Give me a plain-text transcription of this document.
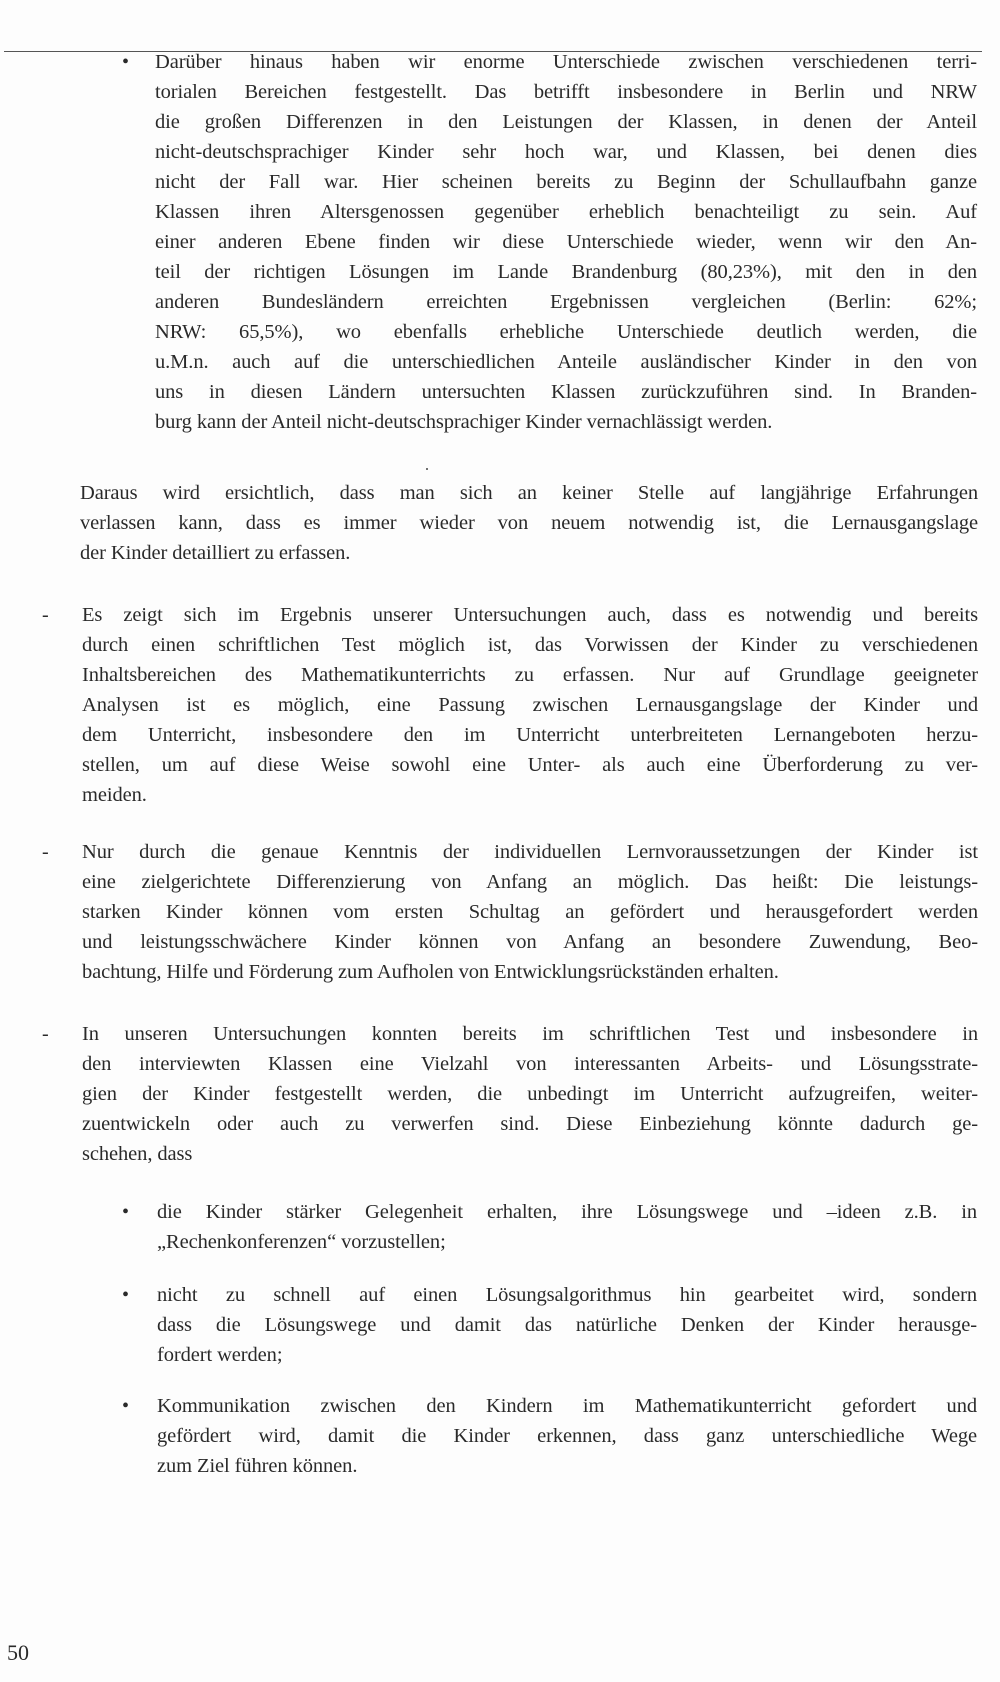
• Darüber hinaus haben wir enorme Unterschiede zwischen verschiedenen terri-
torialen Bereichen festgestellt. Das betrifft insbesondere in Berlin und NRW
die großen Differenzen in den Leistungen der Klassen, in denen der Anteil
nicht-deutschsprachiger Kinder sehr hoch war, und Klassen, bei denen dies
nicht der Fall war. Hier scheinen bereits zu Beginn der Schullaufbahn ganze
Klassen ihren Altersgenossen gegenüber erheblich benachteiligt zu sein. Auf
einer anderen Ebene finden wir diese Unterschiede wieder, wenn wir den An-
teil der richtigen Lösungen im Lande Brandenburg (80,23%), mit den in den
anderen Bundesländern erreichten Ergebnissen vergleichen (Berlin: 62%;
NRW: 65,5%), wo ebenfalls erhebliche Unterschiede deutlich werden, die
u.M.n. auch auf die unterschiedlichen Anteile ausländischer Kinder in den von
uns in diesen Ländern untersuchten Klassen zurückzuführen sind. In Branden-
burg kann der Anteil nicht-deutschsprachiger Kinder vernachlässigt werden.
Daraus wird ersichtlich, dass man sich an keiner Stelle auf langjährige Erfahrungen
verlassen kann, dass es immer wieder von neuem notwendig ist, die Lernausgangslage
der Kinder detailliert zu erfassen.
- Es zeigt sich im Ergebnis unserer Untersuchungen auch, dass es notwendig und bereits
durch einen schriftlichen Test möglich ist, das Vorwissen der Kinder zu verschiedenen
Inhaltsbereichen des Mathematikunterrichts zu erfassen. Nur auf Grundlage geeigneter
Analysen ist es möglich, eine Passung zwischen Lernausgangslage der Kinder und
dem Unterricht, insbesondere den im Unterricht unterbreiteten Lernangeboten herzu-
stellen, um auf diese Weise sowohl eine Unter- als auch eine Überforderung zu ver-
meiden.
- Nur durch die genaue Kenntnis der individuellen Lernvoraussetzungen der Kinder ist
eine zielgerichtete Differenzierung von Anfang an möglich. Das heißt: Die leistungs-
starken Kinder können vom ersten Schultag an gefördert und herausgefordert werden
und leistungsschwächere Kinder können von Anfang an besondere Zuwendung, Beo-
bachtung, Hilfe und Förderung zum Aufholen von Entwicklungsrückständen erhalten.
- In unseren Untersuchungen konnten bereits im schriftlichen Test und insbesondere in
den interviewten Klassen eine Vielzahl von interessanten Arbeits- und Lösungsstrate-
gien der Kinder festgestellt werden, die unbedingt im Unterricht aufzugreifen, weiter-
zuentwickeln oder auch zu verwerfen sind. Diese Einbeziehung könnte dadurch ge-
schehen, dass
• die Kinder stärker Gelegenheit erhalten, ihre Lösungswege und –ideen z.B. in
„Rechenkonferenzen“ vorzustellen;
• nicht zu schnell auf einen Lösungsalgorithmus hin gearbeitet wird, sondern
dass die Lösungswege und damit das natürliche Denken der Kinder herausge-
fordert werden;
• Kommunikation zwischen den Kindern im Mathematikunterricht gefordert und
gefördert wird, damit die Kinder erkennen, dass ganz unterschiedliche Wege
zum Ziel führen können.
50
